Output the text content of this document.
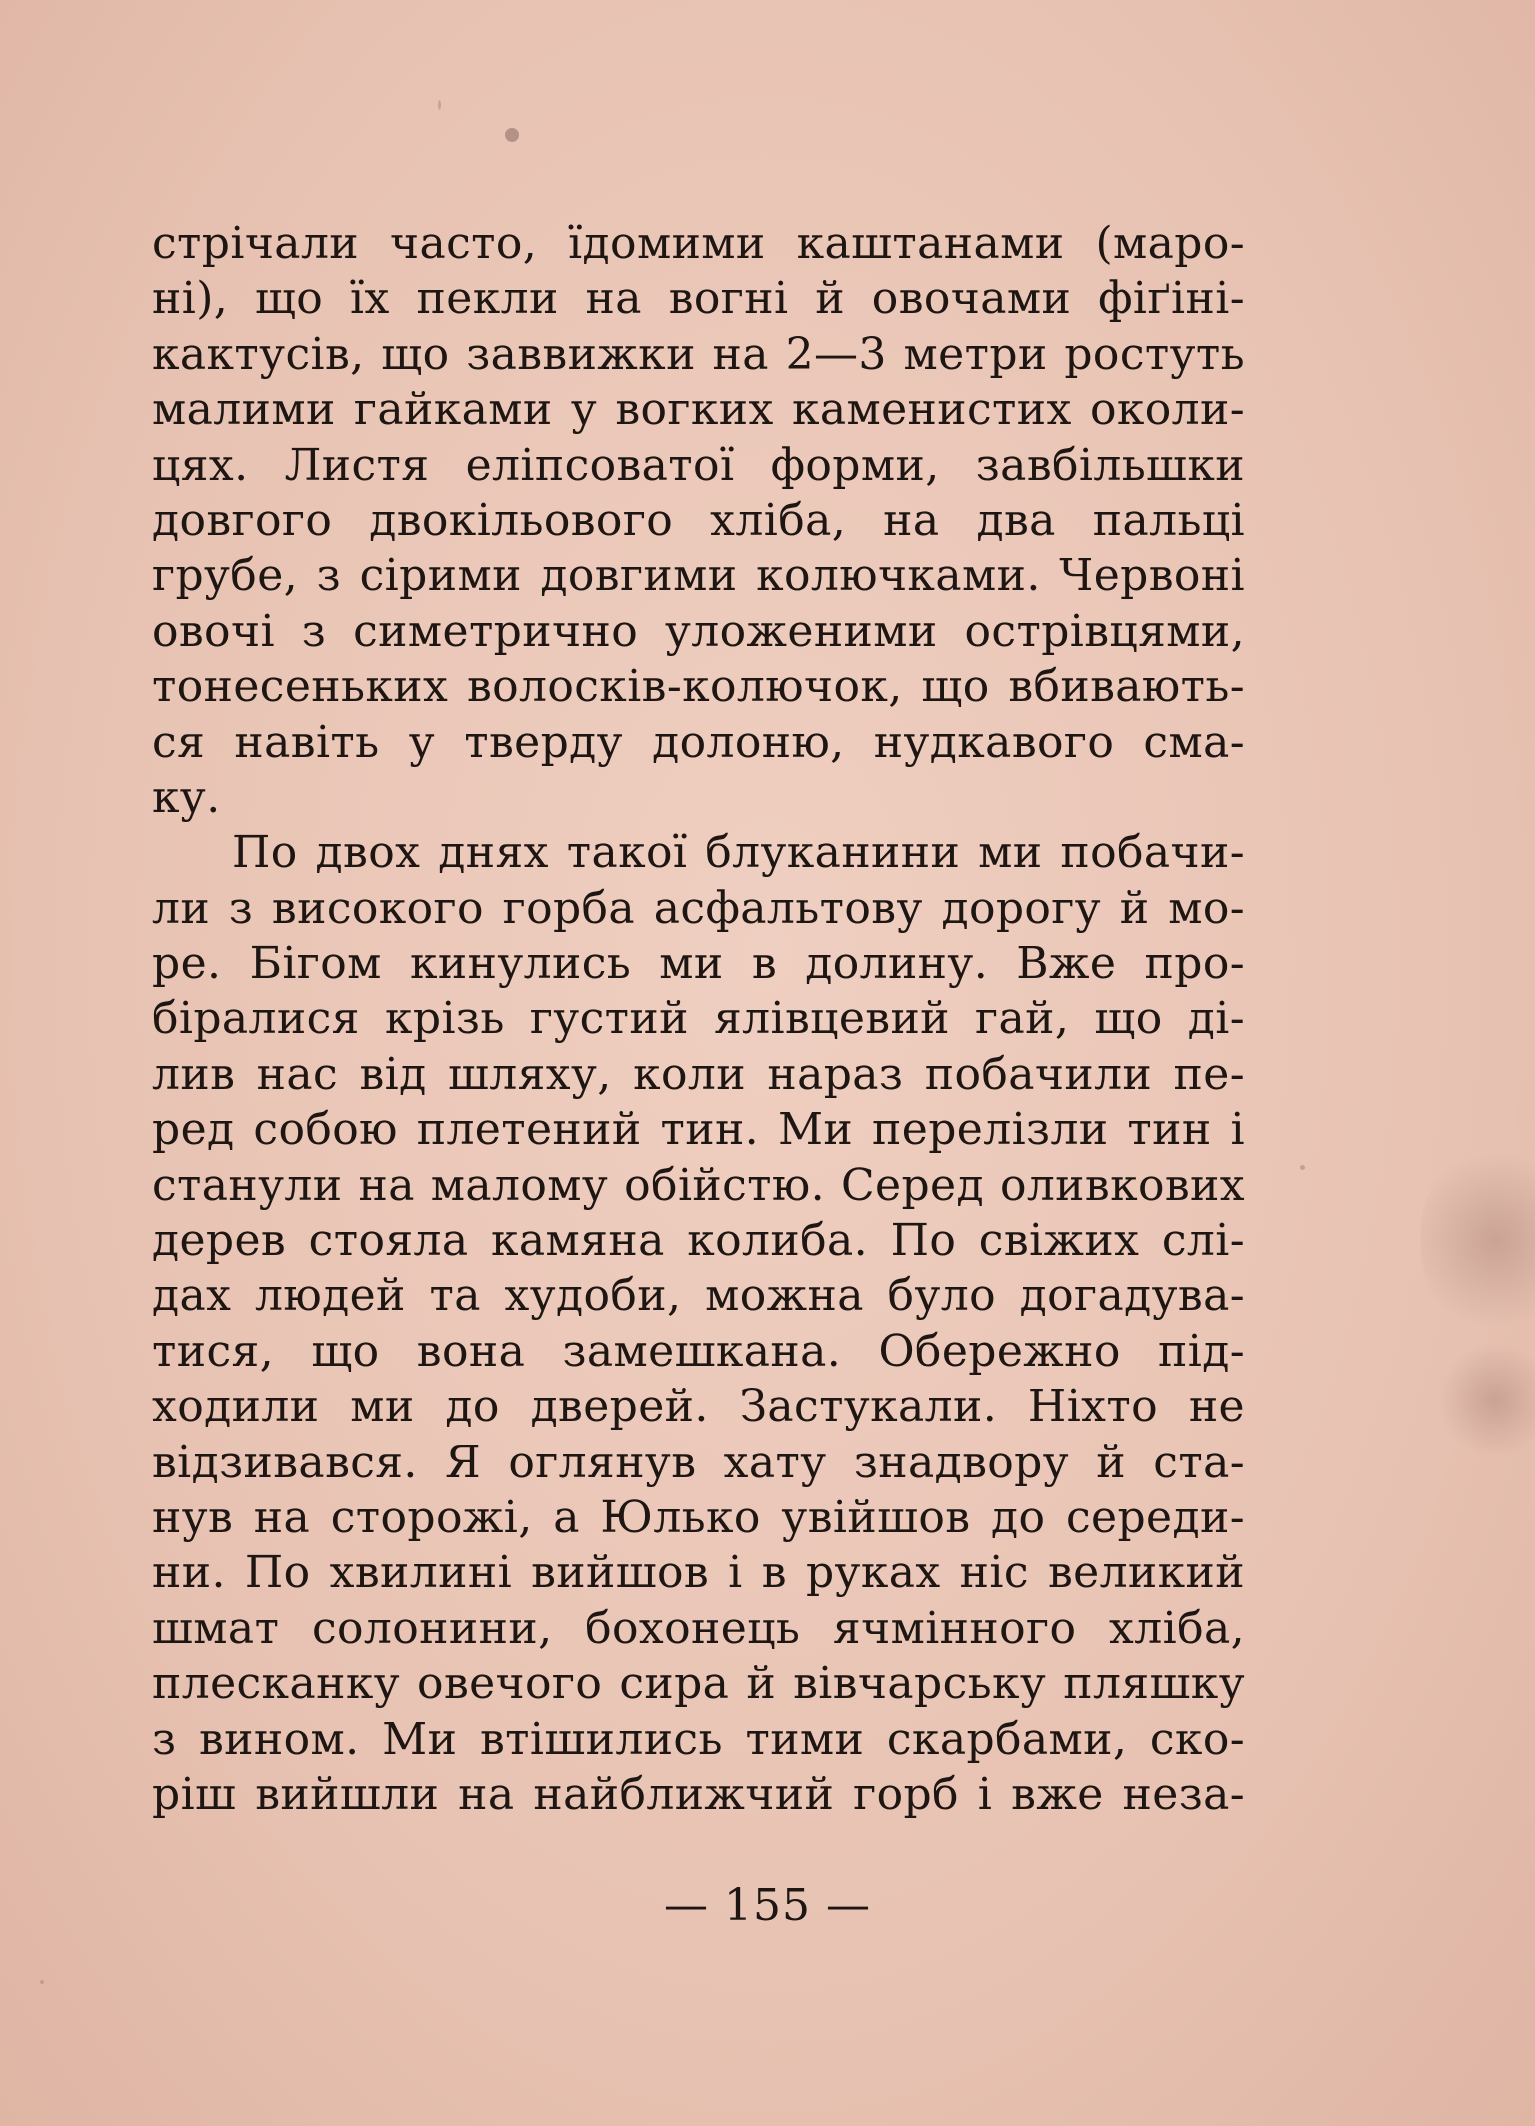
стрічали часто, їдомими каштанами (маро-
ні), що їх пекли на вогні й овочами фіґіні-
кактусів, що заввижки на 2—3 метри ростуть
малими гайками у вогких каменистих околи-
цях. Листя еліпсоватої форми, завбільшки
довгого двокільового хліба, на два пальці
грубе, з сірими довгими колючками. Червоні
овочі з симетрично уложеними острівцями,
тонесеньких волосків-колючок, що вбивають-
ся навіть у тверду долоню, нудкавого сма-
ку.
По двох днях такої блуканини ми побачи-
ли з високого горба асфальтову дорогу й мо-
ре. Бігом кинулись ми в долину. Вже про-
біралися крізь густий ялівцевий гай, що ді-
лив нас від шляху, коли нараз побачили пе-
ред собою плетений тин. Ми перелізли тин і
станули на малому обійстю. Серед оливкових
дерев стояла камяна колиба. По свіжих слі-
дах людей та худоби, можна було догадува-
тися, що вона замешкана. Обережно під-
ходили ми до дверей. Застукали. Ніхто не
відзивався. Я оглянув хату знадвору й ста-
нув на сторожі, а Юлько увійшов до середи-
ни. По хвилині вийшов і в руках ніс великий
шмат солонини, бохонець ячмінного хліба,
плесканку овечого сира й вівчарську пляшку
з вином. Ми втішились тими скарбами, ско-
ріш вийшли на найближчий горб і вже неза-
— 155 —
